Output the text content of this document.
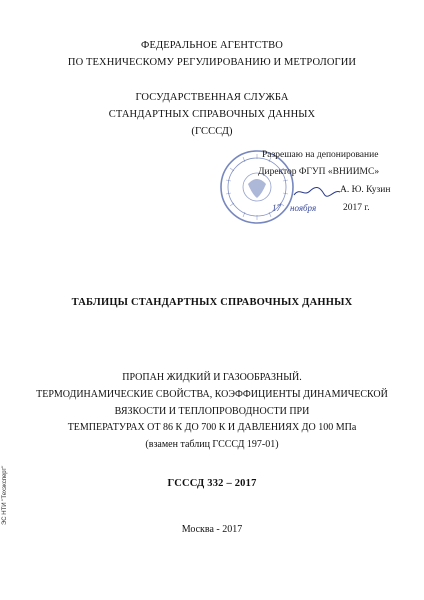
ФЕДЕРАЛЬНОЕ АГЕНТСТВО
ПО ТЕХНИЧЕСКОМУ РЕГУЛИРОВАНИЮ И МЕТРОЛОГИИ
ГОСУДАРСТВЕННАЯ СЛУЖБА
СТАНДАРТНЫХ СПРАВОЧНЫХ ДАННЫХ
(ГСССД)
Разрешаю на депонирование
Директор ФГУП «ВНИИМС»
А. Ю. Кузин
17 ноября	2017 г.
ТАБЛИЦЫ СТАНДАРТНЫХ СПРАВОЧНЫХ ДАННЫХ
ПРОПАН ЖИДКИЙ И ГАЗООБРАЗНЫЙ.
ТЕРМОДИНАМИЧЕСКИЕ СВОЙСТВА, КОЭФФИЦИЕНТЫ ДИНАМИЧЕСКОЙ
ВЯЗКОСТИ И ТЕПЛОПРОВОДНОСТИ ПРИ
ТЕМПЕРАТУРАХ ОТ 86 К ДО 700 К И ДАВЛЕНИЯХ ДО 100 МПа
(взамен таблиц ГСССД 197-01)
ГСССД 332 – 2017
Москва - 2017
ЭС НТИ "Техэксперт"
